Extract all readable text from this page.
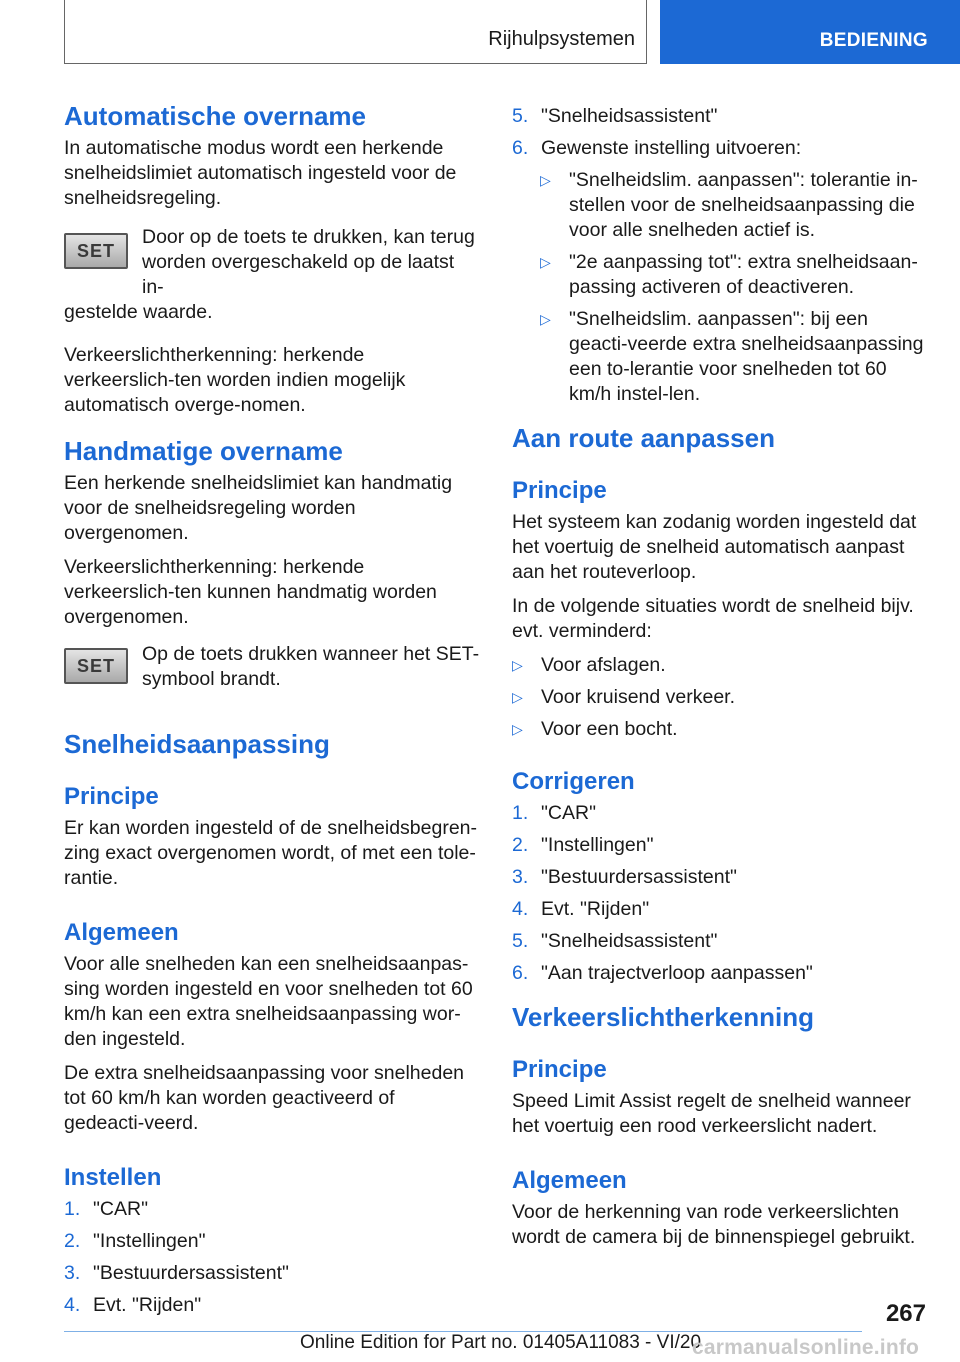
Rijhulpsystemen	BEDIENING
Automatische overname

In automatische modus wordt een herkende snelheidslimiet automatisch ingesteld voor de snelheidsregeling.

SET
Door op de toets te drukken, kan terug worden overgeschakeld op de laatst in-
gestelde waarde.

Verkeerslichtherkenning: herkende verkeerslich-ten worden indien mogelijk automatisch overge-nomen.

Handmatige overname

Een herkende snelheidslimiet kan handmatig voor de snelheidsregeling worden overgenomen.

Verkeerslichtherkenning: herkende verkeerslich-ten kunnen handmatig worden overgenomen.

SET
Op de toets drukken wanneer het SET-symbool brandt.
Snelheidsaanpassing
Principe

Er kan worden ingesteld of de snelheidsbegren-zing exact overgenomen wordt, of met een tole-rantie.

Algemeen

Voor alle snelheden kan een snelheidsaanpas-sing worden ingesteld en voor snelheden tot 60 km/h kan een extra snelheidsaanpassing wor-den ingesteld.

De extra snelheidsaanpassing voor snelheden tot 60 km/h kan worden geactiveerd of gedeacti-veerd.

Instellen
1. "CAR"
2. "Instellingen"
3. "Bestuurdersassistent"
4. Evt. "Rijden"
5. "Snelheidsassistent"
6. Gewenste instelling uitvoeren:
▷ "Snelheidslim. aanpassen": tolerantie in-stellen voor de snelheidsaanpassing die voor alle snelheden actief is.
▷ "2e aanpassing tot": extra snelheidsaan-passing activeren of deactiveren.
▷ "Snelheidslim. aanpassen": bij een geacti-veerde extra snelheidsaanpassing een to-lerantie voor snelheden tot 60 km/h instel-len.
Aan route aanpassen
Principe

Het systeem kan zodanig worden ingesteld dat het voertuig de snelheid automatisch aanpast aan het routeverloop.

In de volgende situaties wordt de snelheid bijv. evt. verminderd:

▷ Voor afslagen.
▷ Voor kruisend verkeer.
▷ Voor een bocht.
Corrigeren
1. "CAR"
2. "Instellingen"
3. "Bestuurdersassistent"
4. Evt. "Rijden"
5. "Snelheidsassistent"
6. "Aan trajectverloop aanpassen"
Verkeerslichtherkenning
Principe

Speed Limit Assist regelt de snelheid wanneer het voertuig een rood verkeerslicht nadert.

Algemeen

Voor de herkenning van rode verkeerslichten wordt de camera bij de binnenspiegel gebruikt.

267
Online Edition for Part no. 01405A11083 - VI/20
carmanualsonline.info
